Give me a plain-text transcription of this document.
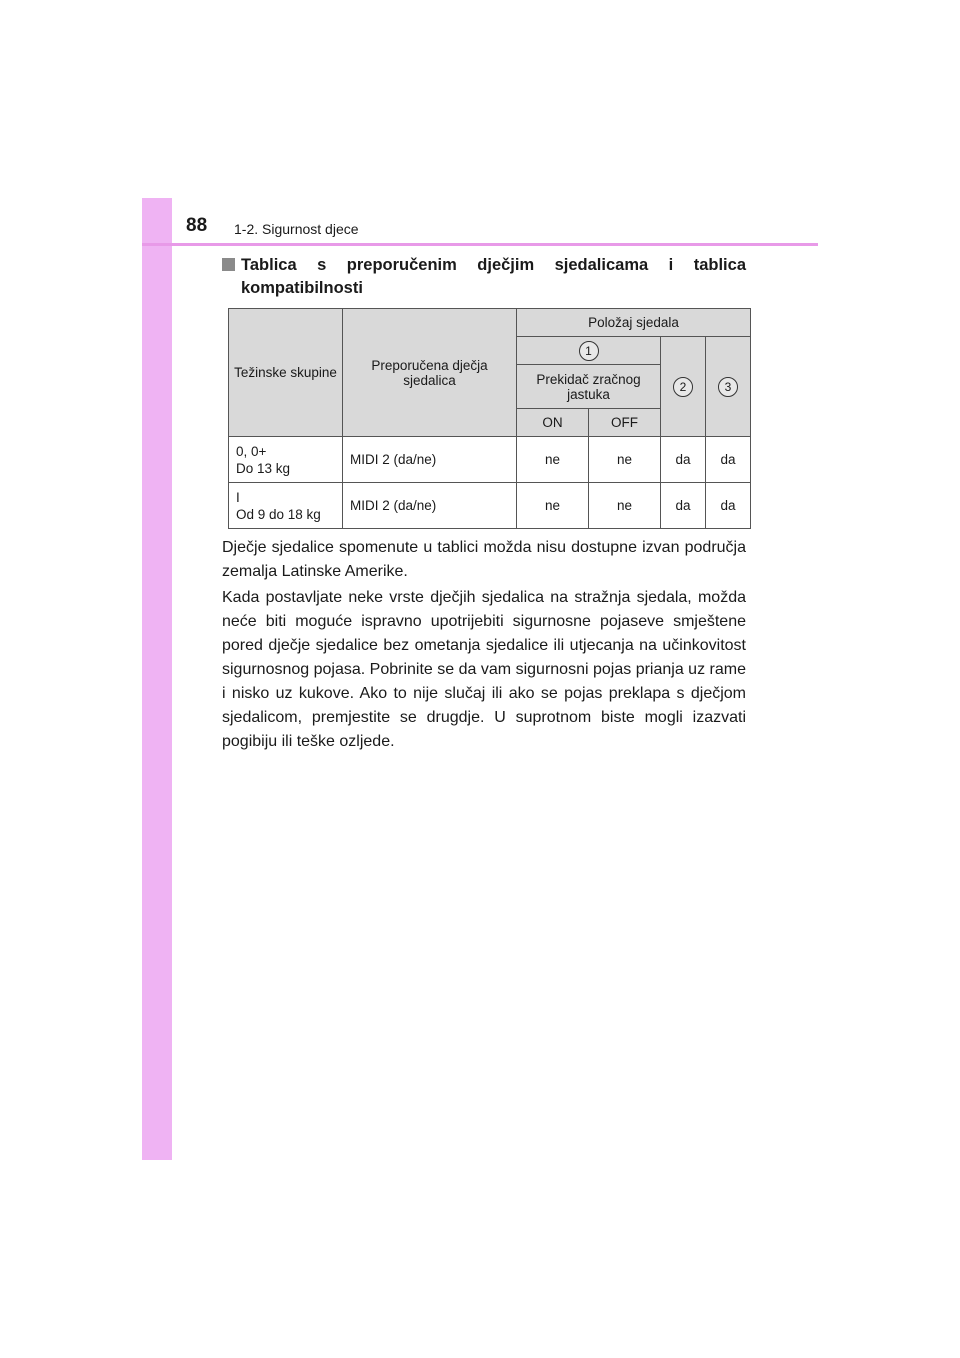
88 1-2. Sigurnost djece
Tablica s preporučenim dječjim sjedalicama i tablica kompatibilnosti
Težinske skupine	Preporučena dječja sjedalica	Položaj sjedala			
		1		2	3
		Prekidač zračnog jastuka			
		ON	OFF		
0, 0+
Do 13 kg	MIDI 2 (da/ne)	ne	ne	da	da
I
Od 9 do 18 kg	MIDI 2 (da/ne)	ne	ne	da	da
Dječje sjedalice spomenute u tablici možda nisu dostupne izvan područja zemalja Latinske Amerike.
Kada postavljate neke vrste dječjih sjedalica na stražnja sjedala, možda neće biti moguće ispravno upotrijebiti sigurnosne pojaseve smještene pored dječje sjedalice bez ometanja sjedalice ili utjecanja na učinkovitost sigurnosnog pojasa. Pobrinite se da vam sigurnosni pojas prianja uz rame i nisko uz kukove. Ako to nije slučaj ili ako se pojas preklapa s dječjom sjedalicom, premjestite se drugdje. U suprotnom biste mogli izazvati pogibiju ili teške ozljede.
